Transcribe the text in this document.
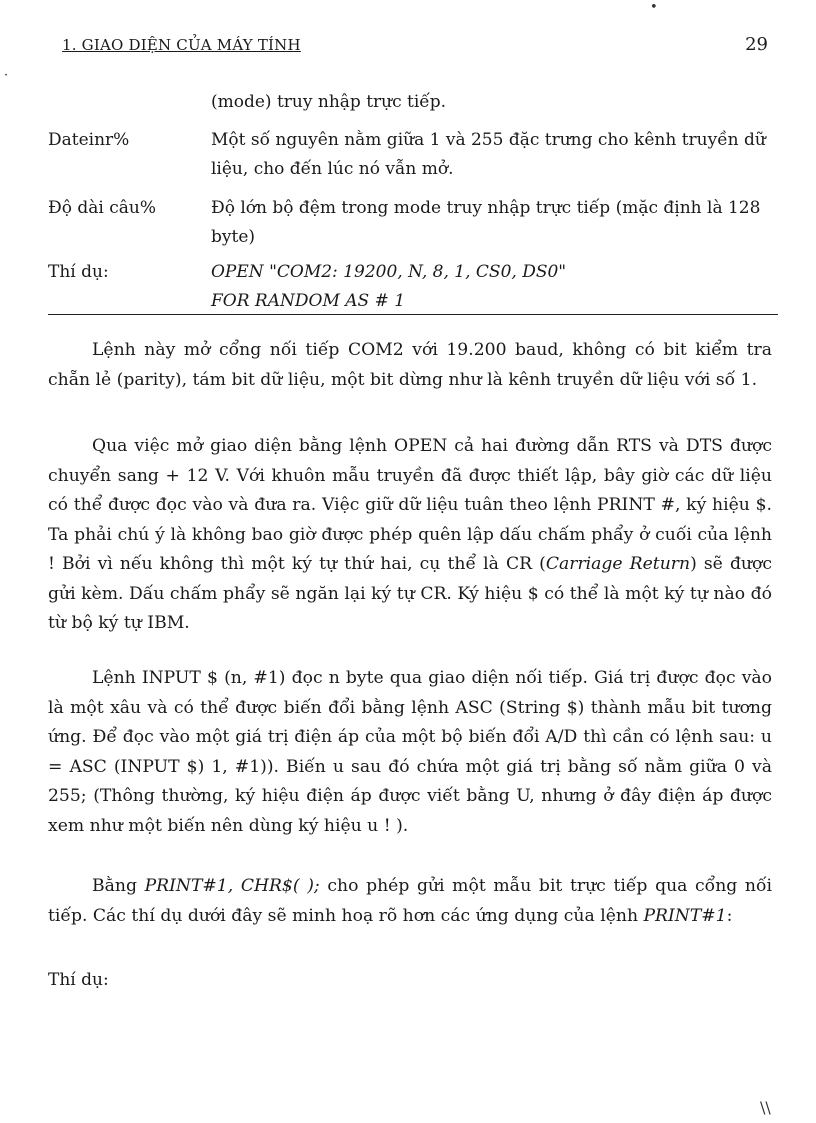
1. GIAO DIỆN CỦA MÁY TÍNH	29
(mode) truy nhập trực tiếp.
Dateinr%	Một số nguyên nằm giữa 1 và 255 đặc trưng cho kênh truyền dữ liệu, cho đến lúc nó vẫn mở.
Độ dài câu%	Độ lớn bộ đệm trong mode truy nhập trực tiếp (mặc định là 128 byte)
Thí dụ:	OPEN "COM2: 19200, N, 8, 1, CS0, DS0"
FOR RANDOM AS # 1

Lệnh này mở cổng nối tiếp COM2 với 19.200 baud, không có bit kiểm tra chẵn lẻ (parity), tám bit dữ liệu, một bit dừng như là kênh truyền dữ liệu với số 1.

Qua việc mở giao diện bằng lệnh OPEN cả hai đường dẫn RTS và DTS được chuyển sang + 12 V. Với khuôn mẫu truyền đã được thiết lập, bây giờ các dữ liệu có thể được đọc vào và đưa ra. Việc giữ dữ liệu tuân theo lệnh PRINT #, ký hiệu $. Ta phải chú ý là không bao giờ được phép quên lập dấu chấm phẩy ở cuối của lệnh ! Bởi vì nếu không thì một ký tự thứ hai, cụ thể là CR (Carriage Return) sẽ được gửi kèm. Dấu chấm phẩy sẽ ngăn lại ký tự CR. Ký hiệu $ có thể là một ký tự nào đó từ bộ ký tự IBM.

Lệnh INPUT $ (n, #1) đọc n byte qua giao diện nối tiếp. Giá trị được đọc vào là một xâu và có thể được biến đổi bằng lệnh ASC (String $) thành mẫu bit tương ứng. Để đọc vào một giá trị điện áp của một bộ biến đổi A/D thì cần có lệnh sau: u = ASC (INPUT $) 1, #1)). Biến u sau đó chứa một giá trị bằng số nằm giữa 0 và 255; (Thông thường, ký hiệu điện áp được viết bằng U, nhưng ở đây điện áp được xem như một biến nên dùng ký hiệu u ! ).

Bằng PRINT#1, CHR$( ); cho phép gửi một mẫu bit trực tiếp qua cổng nối tiếp. Các thí dụ dưới đây sẽ minh hoạ rõ hơn các ứng dụng của lệnh PRINT#1:

Thí dụ:
•
·
\\
